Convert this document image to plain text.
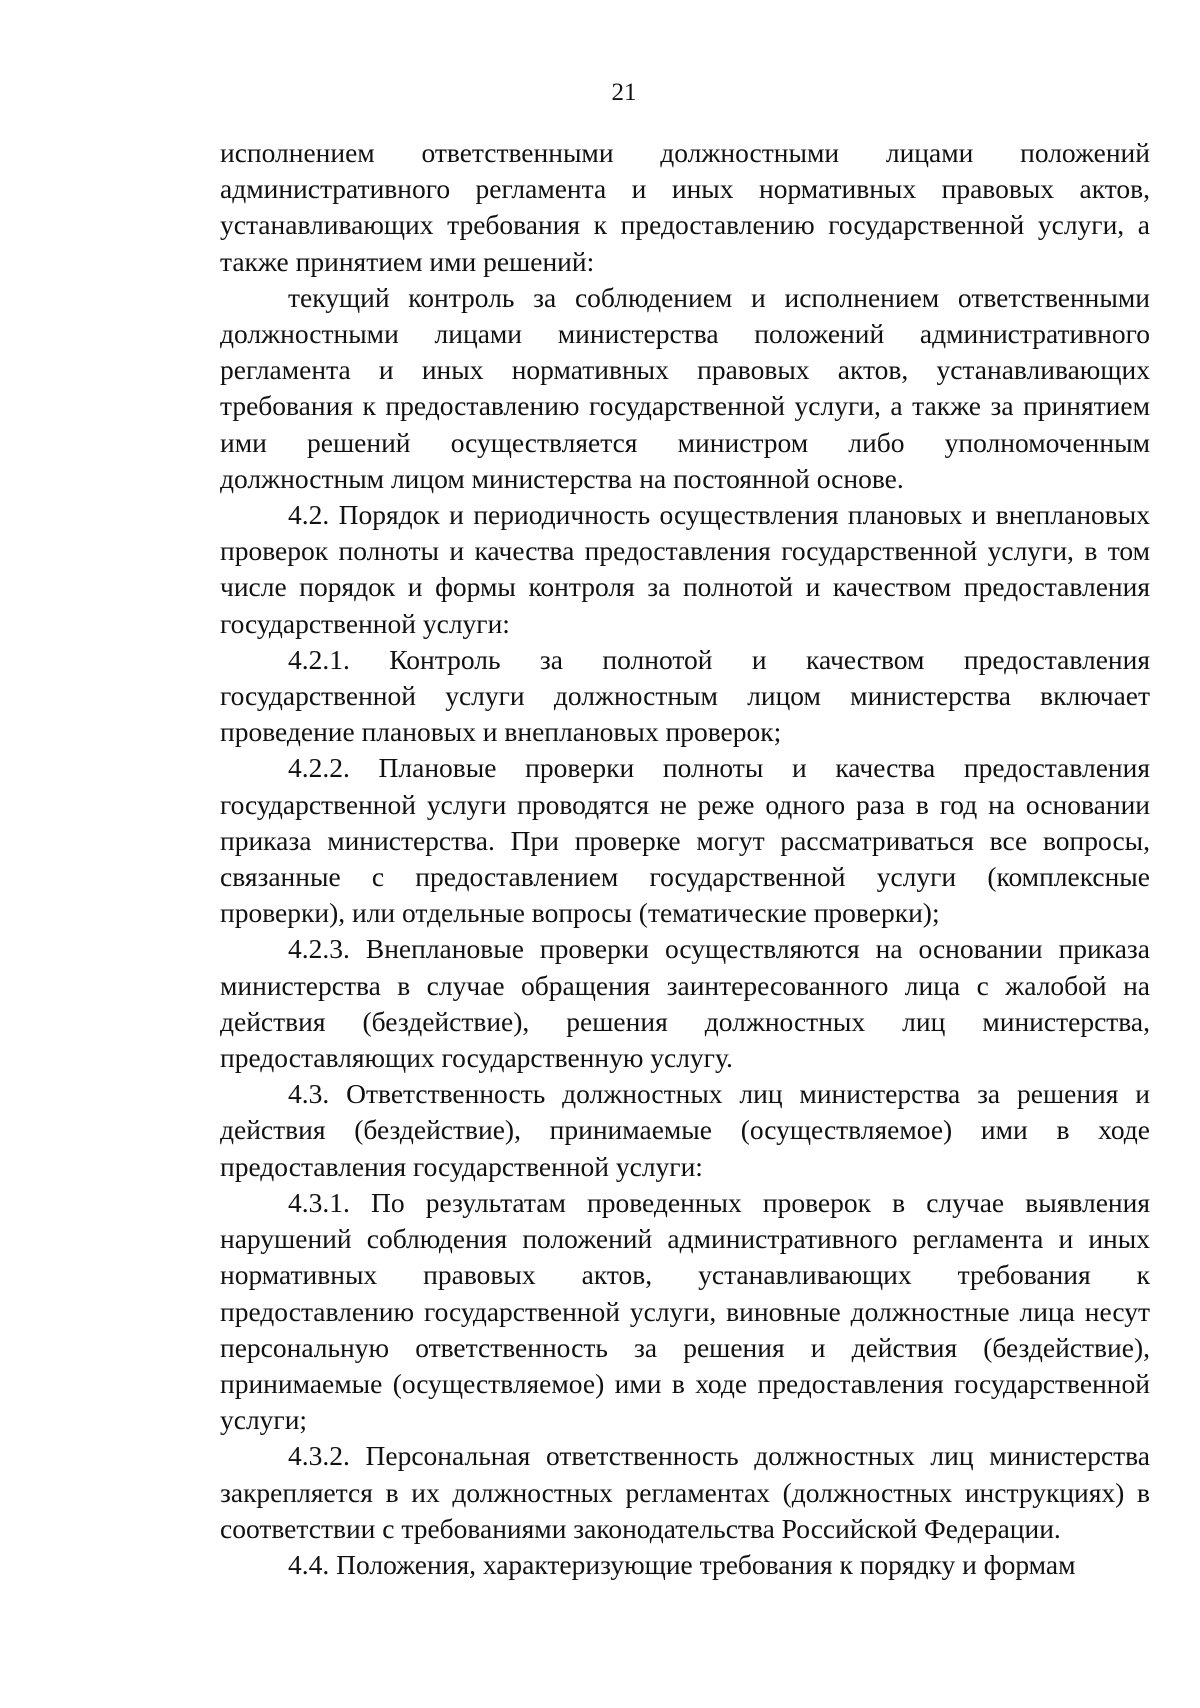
21

исполнением ответственными должностными лицами положений административного регламента и иных нормативных правовых актов, устанавливающих требования к предоставлению государственной услуги, а также принятием ими решений:

текущий контроль за соблюдением и исполнением ответственными должностными лицами министерства положений административного регламента и иных нормативных правовых актов, устанавливающих требования к предоставлению государственной услуги, а также за принятием ими решений осуществляется министром либо уполномоченным должностным лицом министерства на постоянной основе.

4.2. Порядок и периодичность осуществления плановых и внеплановых проверок полноты и качества предоставления государственной услуги, в том числе порядок и формы контроля за полнотой и качеством предоставления государственной услуги:

4.2.1. Контроль за полнотой и качеством предоставления государственной услуги должностным лицом министерства включает проведение плановых и внеплановых проверок;

4.2.2. Плановые проверки полноты и качества предоставления государственной услуги проводятся не реже одного раза в год на основании приказа министерства. При проверке могут рассматриваться все вопросы, связанные с предоставлением государственной услуги (комплексные проверки), или отдельные вопросы (тематические проверки);

4.2.3. Внеплановые проверки осуществляются на основании приказа министерства в случае обращения заинтересованного лица с жалобой на действия (бездействие), решения должностных лиц министерства, предоставляющих государственную услугу.

4.3. Ответственность должностных лиц министерства за решения и действия (бездействие), принимаемые (осуществляемое) ими в ходе предоставления государственной услуги:

4.3.1. По результатам проведенных проверок в случае выявления нарушений соблюдения положений административного регламента и иных нормативных правовых актов, устанавливающих требования к предоставлению государственной услуги, виновные должностные лица несут персональную ответственность за решения и действия (бездействие), принимаемые (осуществляемое) ими в ходе предоставления государственной услуги;

4.3.2. Персональная ответственность должностных лиц министерства закрепляется в их должностных регламентах (должностных инструкциях) в соответствии с требованиями законодательства Российской Федерации.

4.4. Положения, характеризующие требования к порядку и формам
